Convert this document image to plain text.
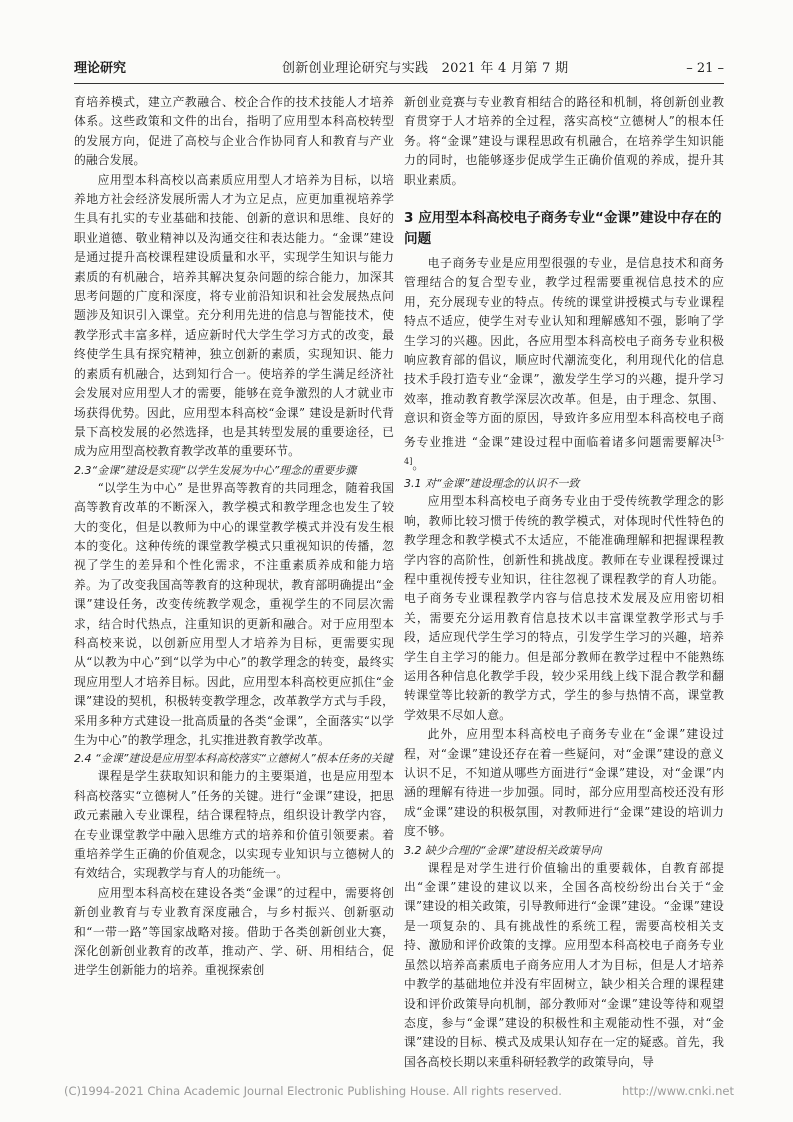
理论研究	创新创业理论研究与实践　2021 年 4 月第 7 期	– 21 –

育培养模式，建立产教融合、校企合作的技术技能人才培养体系。这些政策和文件的出台，指明了应用型本科高校转型的发展方向，促进了高校与企业合作协同育人和教育与产业的融合发展。

应用型本科高校以高素质应用型人才培养为目标，以培养地方社会经济发展所需人才为立足点，应更加重视培养学生具有扎实的专业基础和技能、创新的意识和思维、良好的职业道德、敬业精神以及沟通交往和表达能力。“金课”建设是通过提升高校课程建设质量和水平，实现学生知识与能力素质的有机融合，培养其解决复杂问题的综合能力，加深其思考问题的广度和深度，将专业前沿知识和社会发展热点问题涉及知识引入课堂。充分利用先进的信息与智能技术，使教学形式丰富多样，适应新时代大学生学习方式的改变，最终使学生具有探究精神，独立创新的素质，实现知识、能力的素质有机融合，达到知行合一。使培养的学生满足经济社会发展对应用型人才的需要，能够在竞争激烈的人才就业市场获得优势。因此，应用型本科高校“金课” 建设是新时代背景下高校发展的必然选择，也是其转型发展的重要途径，已成为应用型高校教育教学改革的重要环节。

2.3“金课”建设是实现“以学生发展为中心”理念的重要步骤

“以学生为中心” 是世界高等教育的共同理念，随着我国高等教育改革的不断深入，教学模式和教学理念也发生了较大的变化，但是以教师为中心的课堂教学模式并没有发生根本的变化。这种传统的课堂教学模式只重视知识的传播，忽视了学生的差异和个性化需求，不注重素质养成和能力培养。为了改变我国高等教育的这种现状，教育部明确提出“金课”建设任务，改变传统教学观念，重视学生的不同层次需求，结合时代热点，注重知识的更新和融合。对于应用型本科高校来说，以创新应用型人才培养为目标，更需要实现从“以教为中心”到“以学为中心”的教学理念的转变，最终实现应用型人才培养目标。因此，应用型本科高校更应抓住“金课”建设的契机，积极转变教学理念，改革教学方式与手段，采用多种方式建设一批高质量的各类“金课”，全面落实“以学生为中心”的教学理念，扎实推进教育教学改革。

2.4 “金课”建设是应用型本科高校落实“立德树人”根本任务的关键

课程是学生获取知识和能力的主要渠道，也是应用型本科高校落实“立德树人”任务的关键。进行“金课”建设，把思政元素融入专业课程，结合课程特点，组织设计教学内容，在专业课堂教学中融入思维方式的培养和价值引领要素。着重培养学生正确的价值观念，以实现专业知识与立德树人的有效结合，实现教学与育人的功能统一。

应用型本科高校在建设各类“金课”的过程中，需要将创新创业教育与专业教育深度融合，与乡村振兴、创新驱动和“一带一路”等国家战略对接。借助于各类创新创业大赛，深化创新创业教育的改革，推动产、学、研、用相结合，促进学生创新能力的培养。重视探索创

新创业竞赛与专业教育相结合的路径和机制，将创新创业教育贯穿于人才培养的全过程，落实高校“立德树人”的根本任务。将“金课”建设与课程思政有机融合，在培养学生知识能力的同时，也能够逐步促成学生正确价值观的养成，提升其职业素质。

3 应用型本科高校电子商务专业“金课”建设中存在的问题

电子商务专业是应用型很强的专业，是信息技术和商务管理结合的复合型专业，教学过程需要重视信息技术的应用，充分展现专业的特点。传统的课堂讲授模式与专业课程特点不适应，使学生对专业认知和理解感知不强，影响了学生学习的兴趣。因此，各应用型本科高校电子商务专业积极响应教育部的倡议，顺应时代潮流变化，利用现代化的信息技术手段打造专业“金课”，激发学生学习的兴趣，提升学习效率，推动教育教学深层次改革。但是，由于理念、氛围、意识和资金等方面的原因，导致许多应用型本科高校电子商务专业推进 “金课”建设过程中面临着诸多问题需要解决[3-4]。

3.1 对“金课”建设理念的认识不一致

应用型本科高校电子商务专业由于受传统教学理念的影响，教师比较习惯于传统的教学模式，对体现时代性特色的教学理念和教学模式不太适应，不能准确理解和把握课程教学内容的高阶性，创新性和挑战度。教师在专业课程授课过程中重视传授专业知识，往往忽视了课程教学的育人功能。电子商务专业课程教学内容与信息技术发展及应用密切相关，需要充分运用教育信息技术以丰富课堂教学形式与手段，适应现代学生学习的特点，引发学生学习的兴趣，培养学生自主学习的能力。但是部分教师在教学过程中不能熟练运用各种信息化教学手段，较少采用线上线下混合教学和翻转课堂等比较新的教学方式，学生的参与热情不高，课堂教学效果不尽如人意。

此外，应用型本科高校电子商务专业在“金课”建设过程，对“金课”建设还存在着一些疑问，对“金课”建设的意义认识不足，不知道从哪些方面进行“金课”建设，对“金课”内涵的理解有待进一步加强。同时，部分应用型高校还没有形成“金课”建设的积极氛围，对教师进行“金课”建设的培训力度不够。

3.2 缺少合理的“金课”建设相关政策导向

课程是对学生进行价值输出的重要载体，自教育部提出“金课”建设的建议以来，全国各高校纷纷出台关于“金课”建设的相关政策，引导教师进行“金课”建设。“金课”建设是一项复杂的、具有挑战性的系统工程，需要高校相关支持、激励和评价政策的支撑。应用型本科高校电子商务专业虽然以培养高素质电子商务应用人才为目标，但是人才培养中教学的基础地位并没有牢固树立，缺少相关合理的课程建设和评价政策导向机制，部分教师对“金课”建设等待和观望态度，参与“金课”建设的积极性和主观能动性不强，对“金课”建设的目标、模式及成果认知存在一定的疑惑。首先，我国各高校长期以来重科研轻教学的政策导向，导

(C)1994-2021 China Academic Journal Electronic Publishing House. All rights reserved.	http://www.cnki.net
